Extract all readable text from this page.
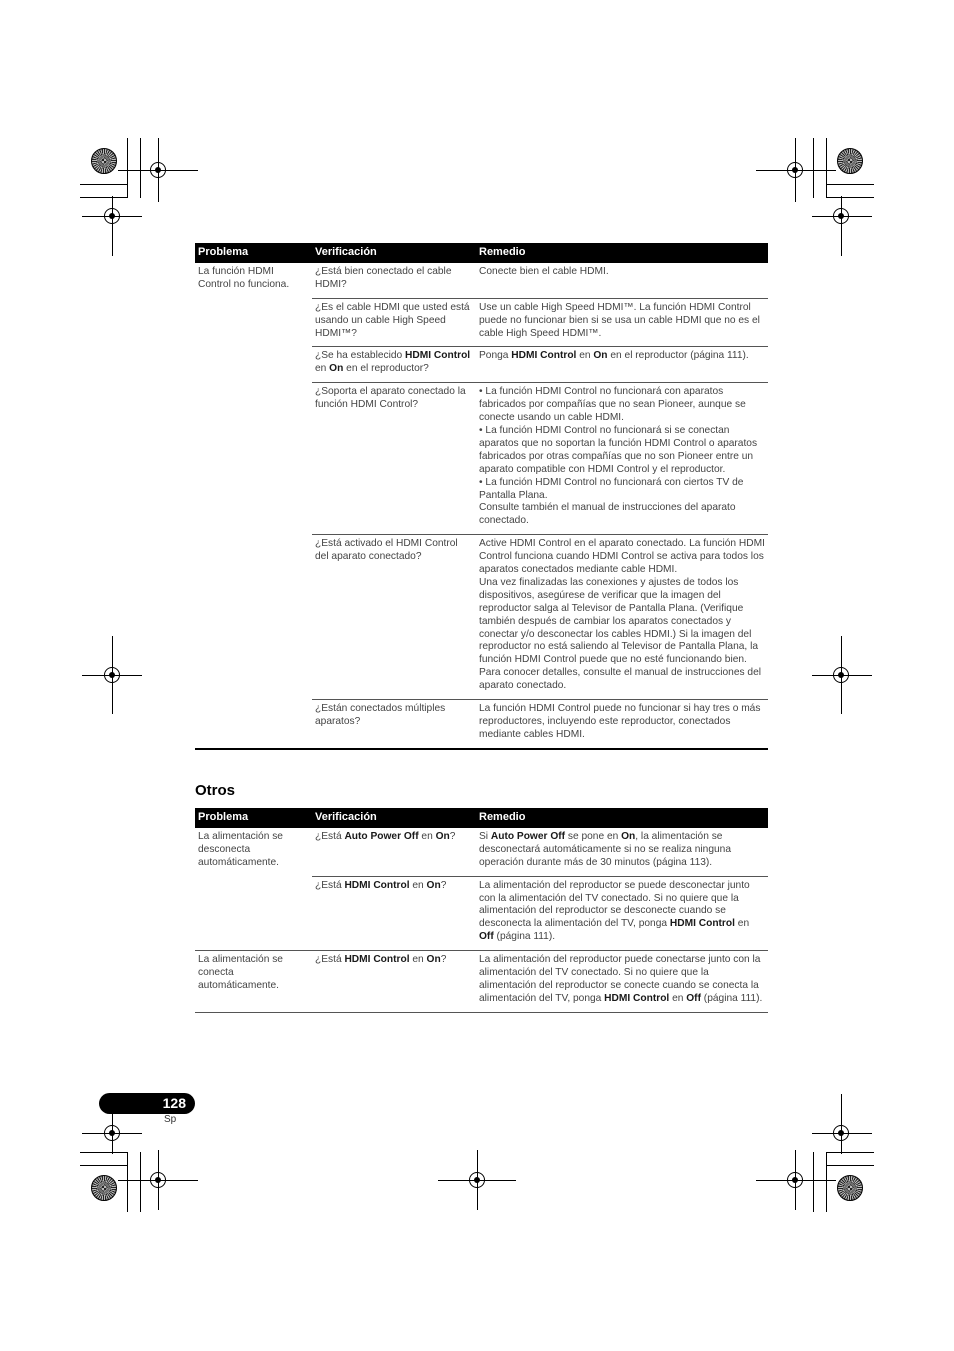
Problema	Verificación	Remedio
La función HDMI Control no funciona.	¿Está bien conectado el cable HDMI?	Conecte bien el cable HDMI.
	¿Es el cable HDMI que usted está usando un cable High Speed HDMI™?	Use un cable High Speed HDMI™. La función HDMI Control puede no funcionar bien si se usa un cable HDMI que no es el cable High Speed HDMI™.
	¿Se ha establecido HDMI Control en On en el reproductor?	Ponga HDMI Control en On en el reproductor (página 111).
	¿Soporta el aparato conectado la función HDMI Control?	• La función HDMI Control no funcionará con aparatos fabricados por compañías que no sean Pioneer, aunque se conecte usando un cable HDMI.
• La función HDMI Control no funcionará si se conectan aparatos que no soportan la función HDMI Control o aparatos fabricados por otras compañías que no son Pioneer entre un aparato compatible con HDMI Control y el reproductor.
• La función HDMI Control no funcionará con ciertos TV de Pantalla Plana.
Consulte también el manual de instrucciones del aparato conectado.

	¿Está activado el HDMI Control del aparato conectado?	Active HDMI Control en el aparato conectado. La función HDMI Control funciona cuando HDMI Control se activa para todos los aparatos conectados mediante cable HDMI.
Una vez finalizadas las conexiones y ajustes de todos los dispositivos, asegúrese de verificar que la imagen del reproductor salga al Televisor de Pantalla Plana. (Verifique también después de cambiar los aparatos conectados y conectar y/o desconectar los cables HDMI.) Si la imagen del reproductor no está saliendo al Televisor de Pantalla Plana, la función HDMI Control puede que no esté funcionando bien.
Para conocer detalles, consulte el manual de instrucciones del aparato conectado.

	¿Están conectados múltiples aparatos?	La función HDMI Control puede no funcionar si hay tres o más reproductores, incluyendo este reproductor, conectados mediante cables HDMI.
Otros
Problema	Verificación	Remedio
La alimentación se desconecta automáticamente.	¿Está Auto Power Off en On?	Si Auto Power Off se pone en On, la alimentación se desconectará automáticamente si no se realiza ninguna operación durante más de 30 minutos (página 113).
	¿Está HDMI Control en On?	La alimentación del reproductor se puede desconectar junto con la alimentación del TV conectado. Si no quiere que la alimentación del reproductor se desconecte cuando se desconecta la alimentación del TV, ponga HDMI Control en Off (página 111).
La alimentación se conecta automáticamente.	¿Está HDMI Control en On?	La alimentación del reproductor puede conectarse junto con la alimentación del TV conectado. Si no quiere que la alimentación del reproductor se conecte cuando se conecta la alimentación del TV, ponga HDMI Control en Off (página 111).
128
Sp
